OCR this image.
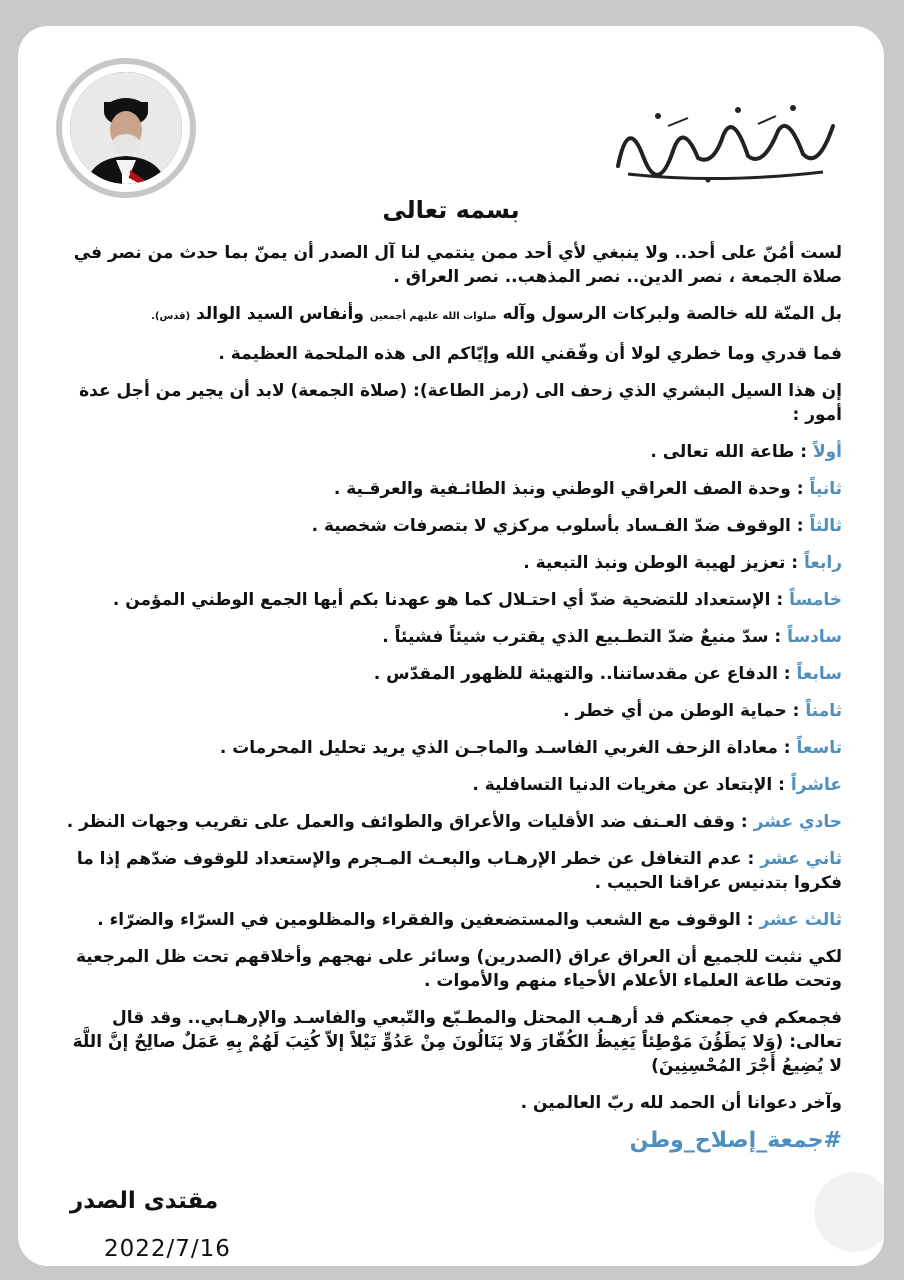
بسمه تعالى

لست أمُنّ على أحد.. ولا ينبغي لأي أحد ممن ينتمي لنا آل الصدر أن يمنّ بما حدث من نصر في صلاة الجمعة ، نصر الدين.. نصر المذهب.. نصر العراق .

بل المنّة لله خالصة ولبركات الرسول وآله صلوات الله عليهم أجمعين وأنفاس السيد الوالد (قدس).

فما قدري وما خطري لولا أن وفّقني الله وإيّاكم الى هذه الملحمة العظيمة .

إن هذا السيل البشري الذي زحف الى (رمز الطاعة): (صلاة الجمعة) لابد أن يجير من أجل عدة أمور :

أولاً : طاعة الله تعالى .

ثانياً : وحدة الصف العراقي الوطني ونبذ الطائـفية والعرقـية .

ثالثاً : الوقوف ضدّ الفـساد بأسلوب مركزي لا بتصرفات شخصية .

رابعاً : تعزيز لهيبة الوطن ونبذ التبعية .

خامساً : الإستعداد للتضحية ضدّ أي احتـلال كما هو عهدنا بكم أيها الجمع الوطني المؤمن .

سادساً : سدّ منيعٌ ضدّ التطـبيع الذي يقترب شيئاً فشيئاً .

سابعاً : الدفاع عن مقدساتنا.. والتهيئة للظهور المقدّس .

ثامناً : حماية الوطن من أي خطر .

تاسعاً : معاداة الزحف الغربي الفاسـد والماجـن الذي يريد تحليل المحرمات .

عاشراً : الإبتعاد عن مغريات الدنيا التسافلية .

حادي عشر : وقف العـنف ضد الأقليات والأعراق والطوائف والعمل على تقريب وجهات النظر .

ثاني عشر : عدم التغافل عن خطر الإرهـاب والبعـث المـجرم والإستعداد للوقوف ضدّهم إذا ما فكروا بتدنيس عراقنا الحبيب .

ثالث عشر : الوقوف مع الشعب والمستضعفين والفقراء والمظلومين في السرّاء والضرّاء .

لكي نثبت للجميع أن العراق عراق (الصدرين) وسائر على نهجهم وأخلاقهم تحت ظل المرجعية وتحت طاعة العلماء الأعلام الأحياء منهم والأموات .

فجمعكم في جمعتكم قد أرهـب المحتل والمطـبّع والتّبعي والفاسـد والإرهـابي.. وقد قال تعالى: (وَلا يَطَؤُنَ مَوْطِئاً يَغِيظُ الكُفّارَ وَلا يَنَالُونَ مِنْ عَدُوٍّ نَيْلاً إلاّ كُتِبَ لَهُمْ بِهِ عَمَلٌ صالِحٌ إنَّ اللَّهَ لا يُضِيعُ أَجْرَ المُحْسِنِينَ)

وآخر دعوانا أن الحمد لله ربّ العالمين .

#جمعة_إصلاح_وطن
مقتدى الصدر
2022/7/16
